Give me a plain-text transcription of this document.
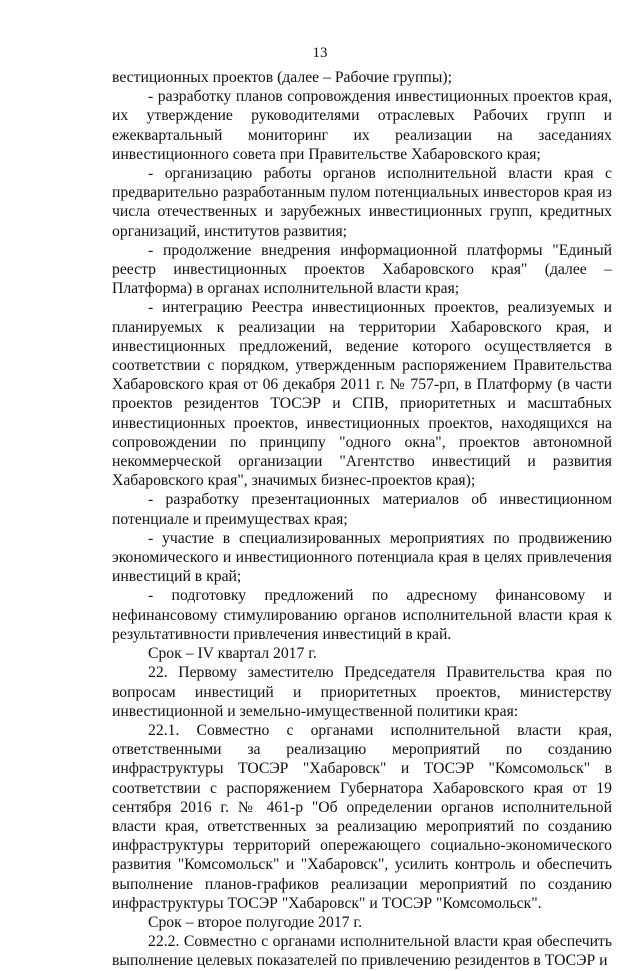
13

вестиционных проектов (далее – Рабочие группы);

- разработку планов сопровождения инвестиционных проектов края, их утверждение руководителями отраслевых Рабочих групп и ежеквартальный мониторинг их реализации на заседаниях инвестиционного совета при Правительстве Хабаровского края;

- организацию работы органов исполнительной власти края с предварительно разработанным пулом потенциальных инвесторов края из числа отечественных и зарубежных инвестиционных групп, кредитных организаций, институтов развития;

- продолжение внедрения информационной платформы "Единый реестр инвестиционных проектов Хабаровского края" (далее – Платформа) в органах исполнительной власти края;

- интеграцию Реестра инвестиционных проектов, реализуемых и планируемых к реализации на территории Хабаровского края, и инвестиционных предложений, ведение которого осуществляется в соответствии с порядком, утвержденным распоряжением Правительства Хабаровского края от 06 декабря 2011 г. № 757-рп, в Платформу (в части проектов резидентов ТОСЭР и СПВ, приоритетных и масштабных инвестиционных проектов, инвестиционных проектов, находящихся на сопровождении по принципу "одного окна", проектов автономной некоммерческой организации "Агентство инвестиций и развития Хабаровского края", значимых бизнес-проектов края);

- разработку презентационных материалов об инвестиционном потенциале и преимуществах края;

- участие в специализированных мероприятиях по продвижению экономического и инвестиционного потенциала края в целях привлечения инвестиций в край;

- подготовку предложений по адресному финансовому и нефинансовому стимулированию органов исполнительной власти края к результативности привлечения инвестиций в край.

Срок – IV квартал 2017 г.

22. Первому заместителю Председателя Правительства края по вопросам инвестиций и приоритетных проектов, министерству инвестиционной и земельно-имущественной политики края:

22.1. Совместно с органами исполнительной власти края, ответственными за реализацию мероприятий по созданию инфраструктуры ТОСЭР "Хабаровск" и ТОСЭР "Комсомольск" в соответствии с распоряжением Губернатора Хабаровского края от 19 сентября 2016 г. № 461-р "Об определении органов исполнительной власти края, ответственных за реализацию мероприятий по созданию инфраструктуры территорий опережающего социально-экономического развития "Комсомольск" и "Хабаровск", усилить контроль и обеспечить выполнение планов-графиков реализации мероприятий по созданию инфраструктуры ТОСЭР "Хабаровск" и ТОСЭР "Комсомольск".

Срок – второе полугодие 2017 г.

22.2. Совместно с органами исполнительной власти края обеспечить выполнение целевых показателей по привлечению резидентов в ТОСЭР и
